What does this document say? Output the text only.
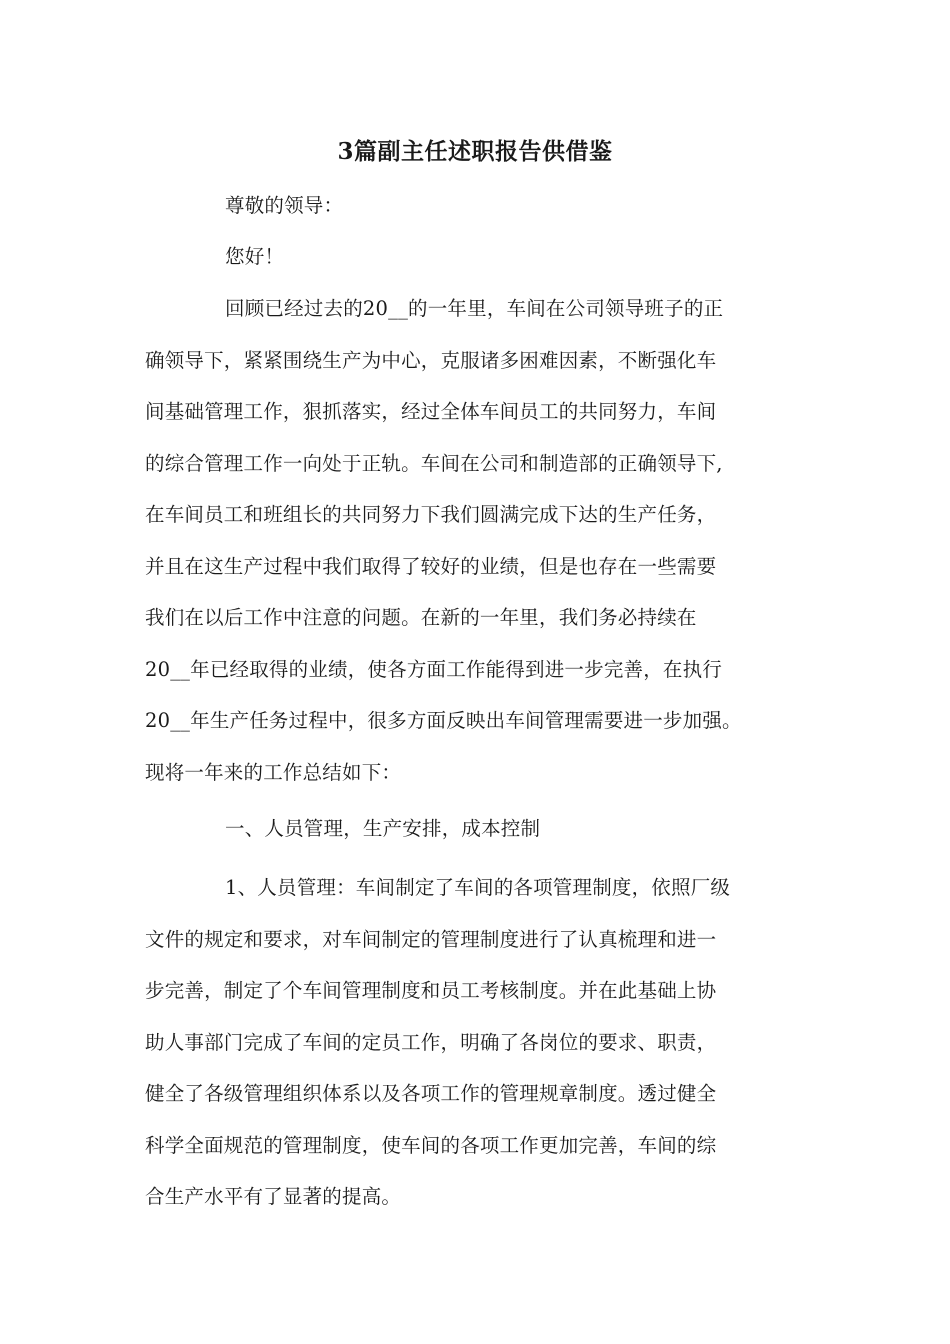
3篇副主任述职报告供借鉴

尊敬的领导：

您好！

回顾已经过去的20__的一年里，车间在公司领导班子的正
确领导下，紧紧围绕生产为中心，克服诸多困难因素，不断强化车
间基础管理工作，狠抓落实，经过全体车间员工的共同努力，车间
的综合管理工作一向处于正轨。车间在公司和制造部的正确领导下,
在车间员工和班组长的共同努力下我们圆满完成下达的生产任务，
并且在这生产过程中我们取得了较好的业绩，但是也存在一些需要
我们在以后工作中注意的问题。在新的一年里，我们务必持续在
20__年已经取得的业绩，使各方面工作能得到进一步完善，在执行
20__年生产任务过程中，很多方面反映出车间管理需要进一步加强。
现将一年来的工作总结如下：

一、人员管理，生产安排，成本控制

1、人员管理：车间制定了车间的各项管理制度，依照厂级
文件的规定和要求，对车间制定的管理制度进行了认真梳理和进一
步完善，制定了个车间管理制度和员工考核制度。并在此基础上协
助人事部门完成了车间的定员工作，明确了各岗位的要求、职责，
健全了各级管理组织体系以及各项工作的管理规章制度。透过健全
科学全面规范的管理制度，使车间的各项工作更加完善，车间的综
合生产水平有了显著的提高。
